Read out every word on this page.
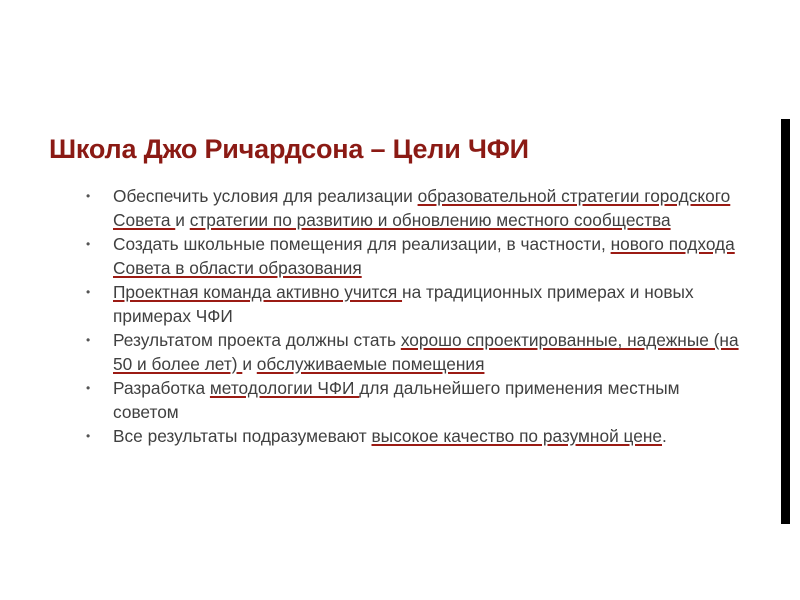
Школа Джо Ричардсона – Цели ЧФИ
• Обеспечить условия для реализации образовательной стратегии городского Совета и стратегии по развитию и обновлению местного сообщества
• Создать школьные помещения для реализации, в частности, нового подхода Совета в области образования
• Проектная команда активно учится на традиционных примерах и новых примерах ЧФИ
• Результатом проекта должны стать хорошо спроектированные, надежные (на 50 и более лет) и обслуживаемые помещения
• Разработка методологии ЧФИ для дальнейшего применения местным советом
• Все результаты подразумевают высокое качество по разумной цене.
